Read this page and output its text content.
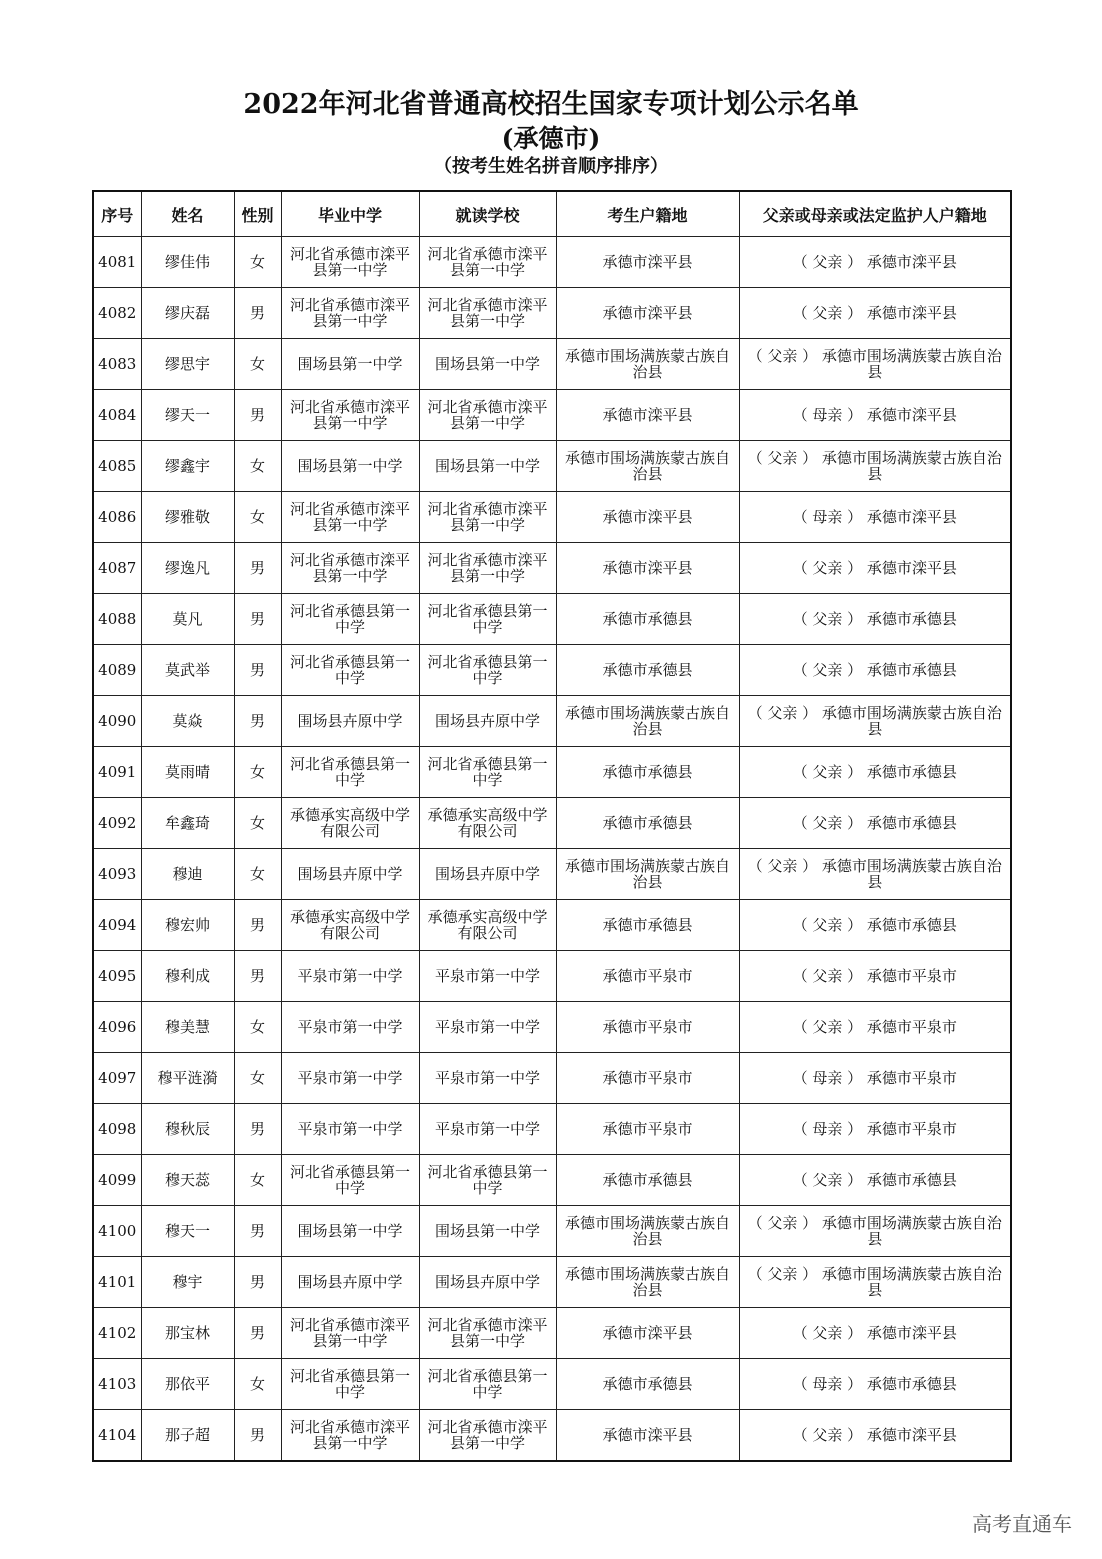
2022年河北省普通高校招生国家专项计划公示名单
(承德市)
（按考生姓名拼音顺序排序）
序号	姓名	性别	毕业中学	就读学校	考生户籍地	父亲或母亲或法定监护人户籍地
4081	缪佳伟	女	河北省承德市滦平县第一中学	河北省承德市滦平县第一中学	承德市滦平县	（ 父亲 ） 承德市滦平县
4082	缪庆磊	男	河北省承德市滦平县第一中学	河北省承德市滦平县第一中学	承德市滦平县	（ 父亲 ） 承德市滦平县
4083	缪思宇	女	围场县第一中学	围场县第一中学	承德市围场满族蒙古族自治县	（ 父亲 ） 承德市围场满族蒙古族自治县
4084	缪天一	男	河北省承德市滦平县第一中学	河北省承德市滦平县第一中学	承德市滦平县	（ 母亲 ） 承德市滦平县
4085	缪鑫宇	女	围场县第一中学	围场县第一中学	承德市围场满族蒙古族自治县	（ 父亲 ） 承德市围场满族蒙古族自治县
4086	缪雅敬	女	河北省承德市滦平县第一中学	河北省承德市滦平县第一中学	承德市滦平县	（ 母亲 ） 承德市滦平县
4087	缪逸凡	男	河北省承德市滦平县第一中学	河北省承德市滦平县第一中学	承德市滦平县	（ 父亲 ） 承德市滦平县
4088	莫凡	男	河北省承德县第一中学	河北省承德县第一中学	承德市承德县	（ 父亲 ） 承德市承德县
4089	莫武举	男	河北省承德县第一中学	河北省承德县第一中学	承德市承德县	（ 父亲 ） 承德市承德县
4090	莫焱	男	围场县卉原中学	围场县卉原中学	承德市围场满族蒙古族自治县	（ 父亲 ） 承德市围场满族蒙古族自治县
4091	莫雨晴	女	河北省承德县第一中学	河北省承德县第一中学	承德市承德县	（ 父亲 ） 承德市承德县
4092	牟鑫琦	女	承德承实高级中学有限公司	承德承实高级中学有限公司	承德市承德县	（ 父亲 ） 承德市承德县
4093	穆迪	女	围场县卉原中学	围场县卉原中学	承德市围场满族蒙古族自治县	（ 父亲 ） 承德市围场满族蒙古族自治县
4094	穆宏帅	男	承德承实高级中学有限公司	承德承实高级中学有限公司	承德市承德县	（ 父亲 ） 承德市承德县
4095	穆利成	男	平泉市第一中学	平泉市第一中学	承德市平泉市	（ 父亲 ） 承德市平泉市
4096	穆美慧	女	平泉市第一中学	平泉市第一中学	承德市平泉市	（ 父亲 ） 承德市平泉市
4097	穆平涟漪	女	平泉市第一中学	平泉市第一中学	承德市平泉市	（ 母亲 ） 承德市平泉市
4098	穆秋辰	男	平泉市第一中学	平泉市第一中学	承德市平泉市	（ 母亲 ） 承德市平泉市
4099	穆天蕊	女	河北省承德县第一中学	河北省承德县第一中学	承德市承德县	（ 父亲 ） 承德市承德县
4100	穆天一	男	围场县第一中学	围场县第一中学	承德市围场满族蒙古族自治县	（ 父亲 ） 承德市围场满族蒙古族自治县
4101	穆宇	男	围场县卉原中学	围场县卉原中学	承德市围场满族蒙古族自治县	（ 父亲 ） 承德市围场满族蒙古族自治县
4102	那宝林	男	河北省承德市滦平县第一中学	河北省承德市滦平县第一中学	承德市滦平县	（ 父亲 ） 承德市滦平县
4103	那依平	女	河北省承德县第一中学	河北省承德县第一中学	承德市承德县	（ 母亲 ） 承德市承德县
4104	那子超	男	河北省承德市滦平县第一中学	河北省承德市滦平县第一中学	承德市滦平县	（ 父亲 ） 承德市滦平县
高考直通车
